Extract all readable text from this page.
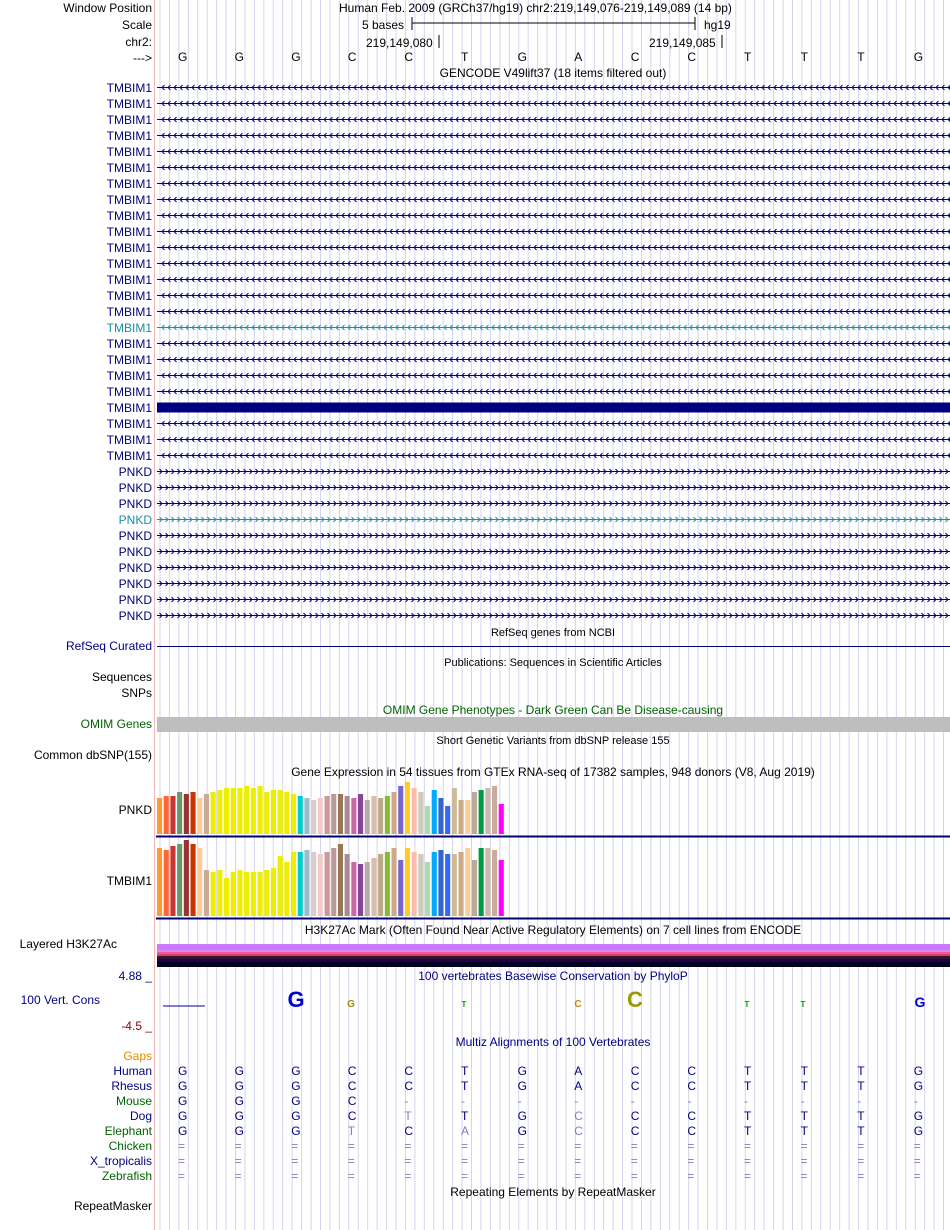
G	G	T	C C	T	T	G
Window Position
Scale
chr2:
--->
Human Feb. 2009 (GRCh37/hg19) chr2:219,149,076-219,149,089 (14 bp)
5 bases	hg19
219,149,080	219,149,085
G	G	G	C	C	T	G	A	C	C	T	T	T	G
GENCODE V49lift37 (18 items filtered out)
TMBIM1
TMBIM1
TMBIM1
TMBIM1
TMBIM1
TMBIM1
TMBIM1
TMBIM1
TMBIM1
TMBIM1
TMBIM1
TMBIM1
TMBIM1
TMBIM1
TMBIM1
TMBIM1
TMBIM1
TMBIM1
TMBIM1
TMBIM1
TMBIM1
TMBIM1
TMBIM1
TMBIM1
PNKD
PNKD
PNKD
PNKD
PNKD
PNKD
PNKD
PNKD
PNKD
PNKD
RefSeq genes from NCBI
RefSeq Curated
Publications: Sequences in Scientific Articles
Sequences
SNPs
OMIM Gene Phenotypes - Dark Green Can Be Disease-causing
OMIM Genes
Short Genetic Variants from dbSNP release 155
Common dbSNP(155)
Gene Expression in 54 tissues from GTEx RNA-seq of 17382 samples, 948 donors (V8, Aug 2019)
PNKD
TMBIM1
H3K27Ac Mark (Often Found Near Active Regulatory Elements) on 7 cell lines from ENCODE
Layered H3K27Ac
100 vertebrates Basewise Conservation by PhyloP
4.88 _
100 Vert. Cons
-4.5 _
Multiz Alignments of 100 Vertebrates
Gaps
Human G	G	G	C	C	T	G	A	C	C	T	T	T	G
Rhesus G	G	G	C	C	T	G	A	C	C	T	T	T	G
Mouse G	G	G	C	-	-	-	-	-	-	-	-	-	-
Dog G	G	G	C	T	T	G	C	C	C	T	T	T	G
Elephant G	G	G	T	C	A	G	C	C	C	T	T	T	G
Chicken =	=	=	=	=	=	=	=	=	=	=	=	=	=
X_tropicalis =	=	=	=	=	=	=	=	=	=	=	=	=	=
Zebrafish =	=	=	=	=	=	=	=	=	=	=	=	=	=
Repeating Elements by RepeatMasker
RepeatMasker
